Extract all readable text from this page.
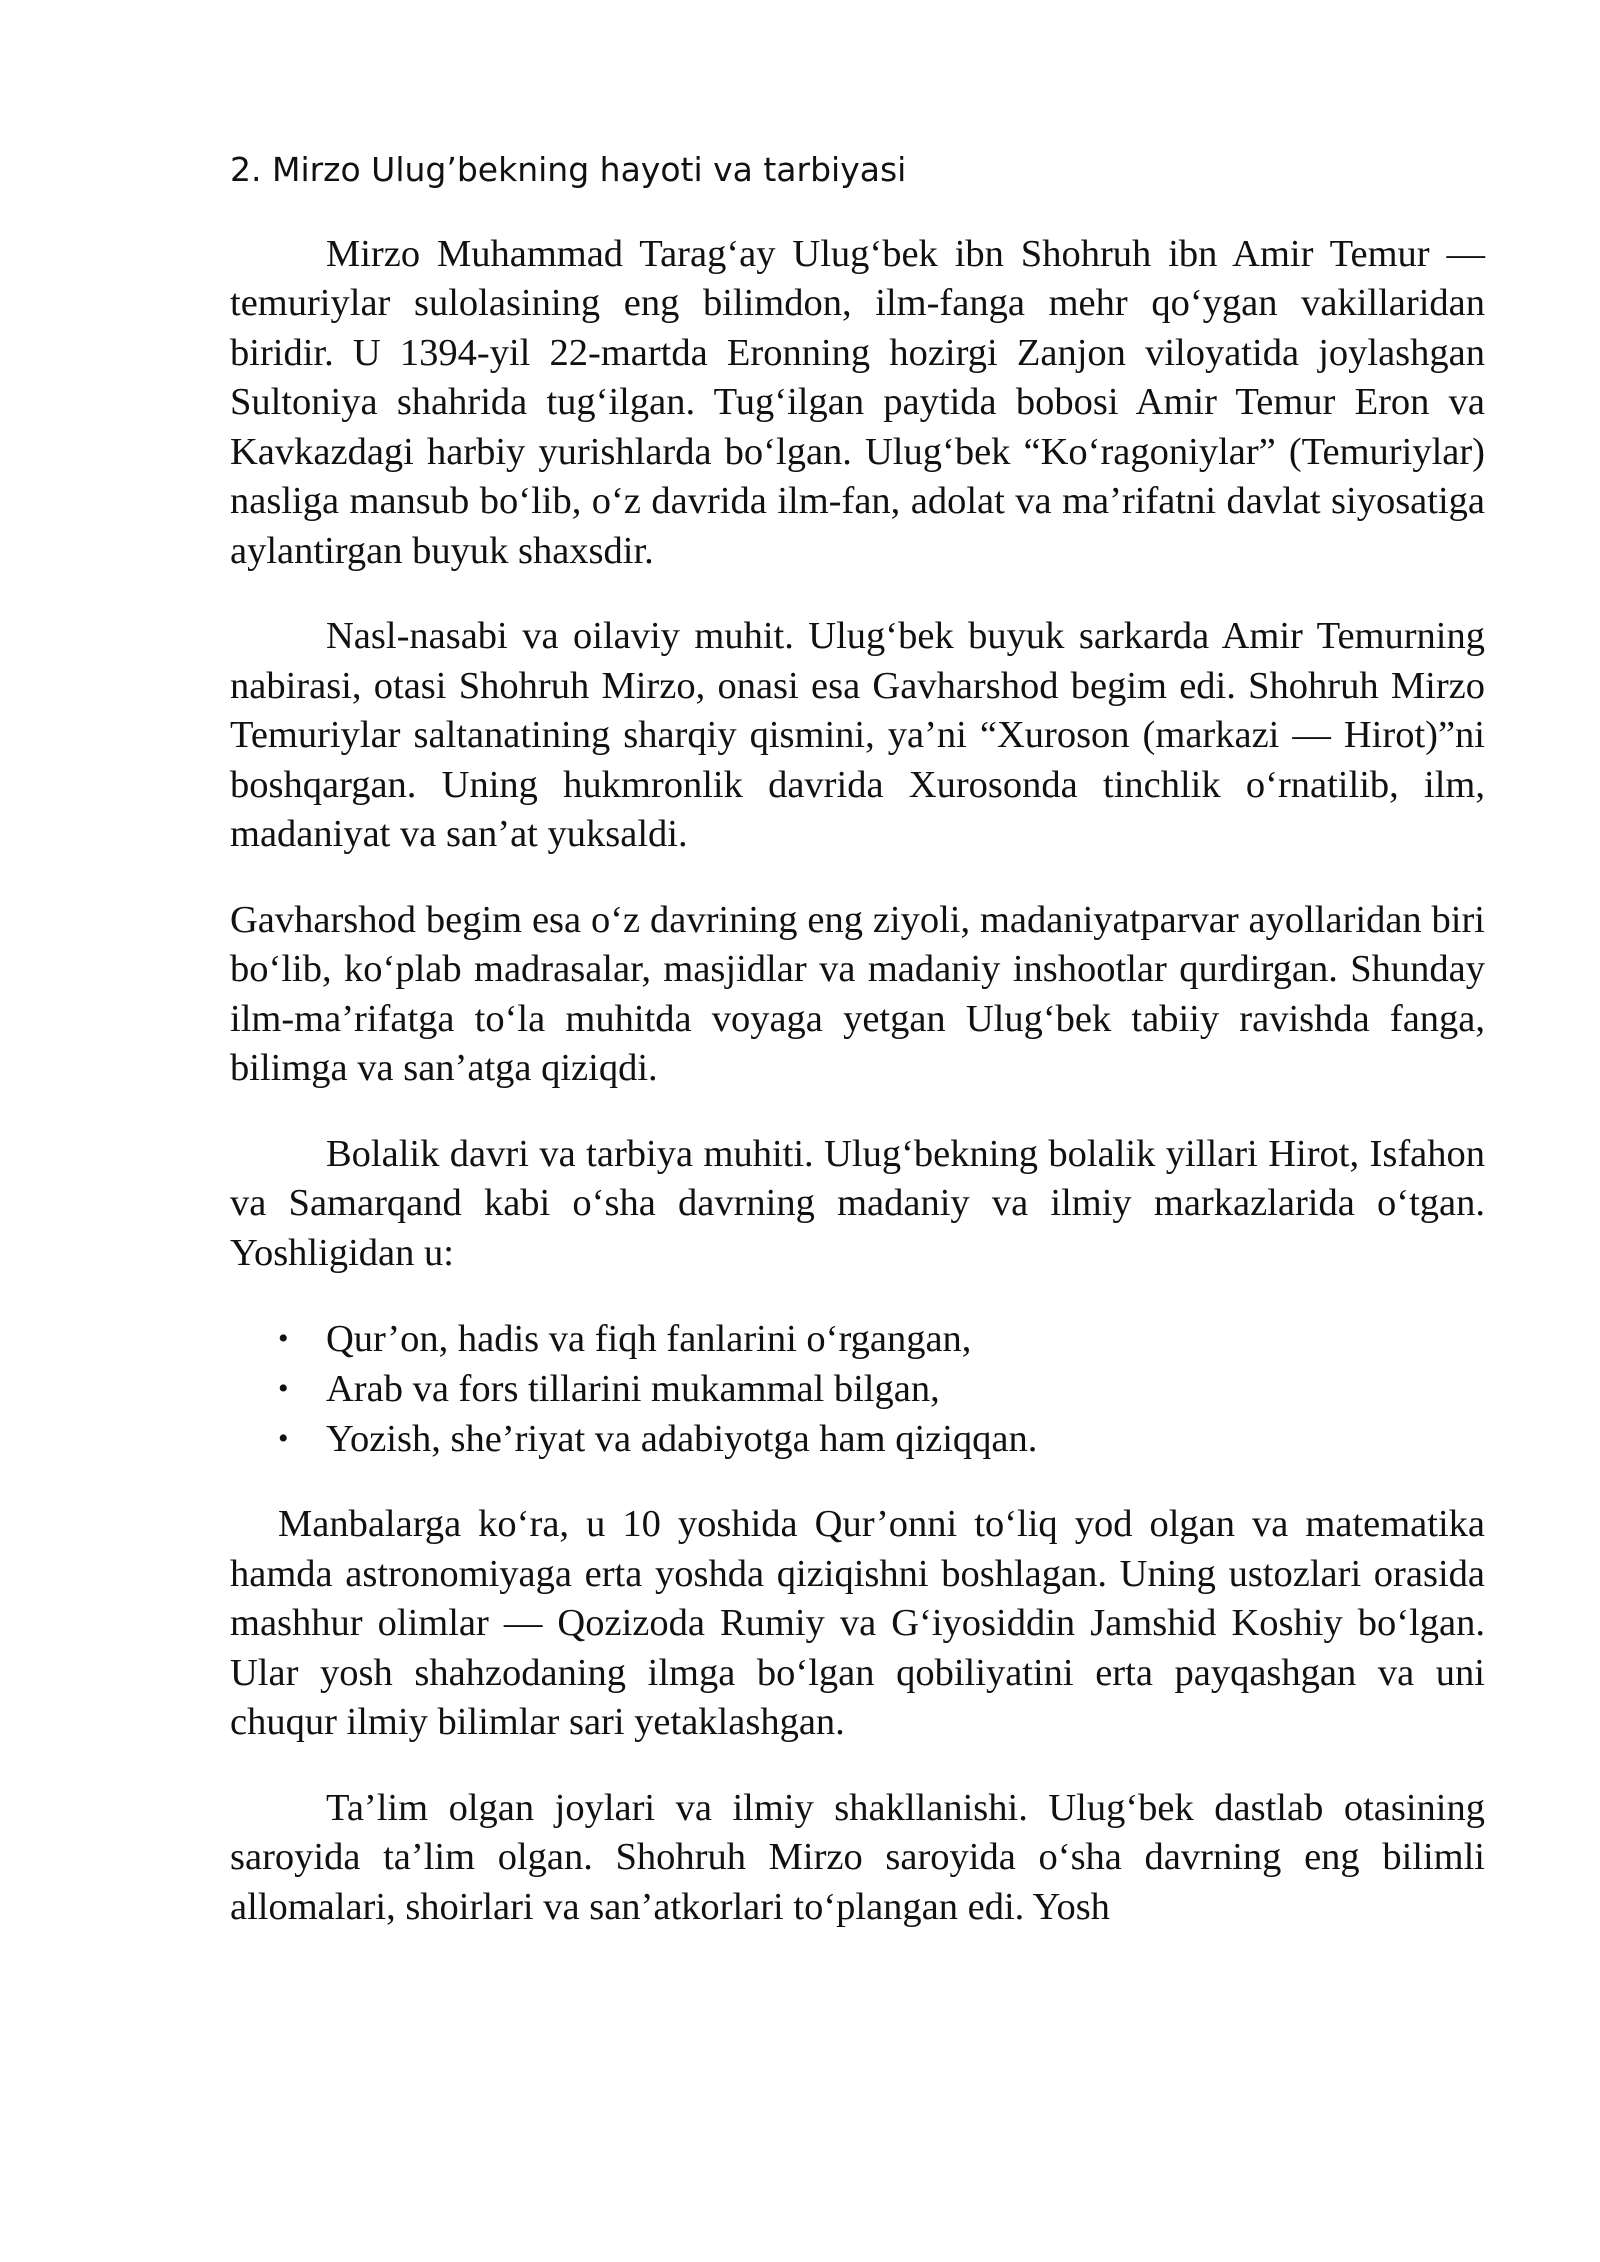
2. Mirzo Ulug’bekning hayoti va tarbiyasi

Mirzo Muhammad Tarag‘ay Ulug‘bek ibn Shohruh ibn Amir Temur — temuriylar sulolasining eng bilimdon, ilm-fanga mehr qo‘ygan vakillaridan biridir. U 1394-yil 22-martda Eronning hozirgi Zanjon viloyatida joylashgan Sultoniya shahrida tug‘ilgan. Tug‘ilgan paytida bobosi Amir Temur Eron va Kavkazdagi harbiy yurishlarda bo‘lgan. Ulug‘bek “Ko‘ragoniylar” (Temuriylar) nasliga mansub bo‘lib, o‘z davrida ilm-fan, adolat va ma’rifatni davlat siyosatiga aylantirgan buyuk shaxsdir.

Nasl-nasabi va oilaviy muhit. Ulug‘bek buyuk sarkarda Amir Temurning nabirasi, otasi Shohruh Mirzo, onasi esa Gavharshod begim edi. Shohruh Mirzo Temuriylar saltanatining sharqiy qismini, ya’ni “Xuroson (markazi — Hirot)”ni boshqargan. Uning hukmronlik davrida Xurosonda tinchlik o‘rnatilib, ilm, madaniyat va san’at yuksaldi.

Gavharshod begim esa o‘z davrining eng ziyoli, madaniyatparvar ayollaridan biri bo‘lib, ko‘plab madrasalar, masjidlar va madaniy inshootlar qurdirgan. Shunday ilm-ma’rifatga to‘la muhitda voyaga yetgan Ulug‘bek tabiiy ravishda fanga, bilimga va san’atga qiziqdi.

Bolalik davri va tarbiya muhiti. Ulug‘bekning bolalik yillari Hirot, Isfahon va Samarqand kabi o‘sha davrning madaniy va ilmiy markazlarida o‘tgan. Yoshligidan u:

• Qur’on, hadis va fiqh fanlarini o‘rgangan,
• Arab va fors tillarini mukammal bilgan,
• Yozish, she’riyat va adabiyotga ham qiziqqan.

Manbalarga ko‘ra, u 10 yoshida Qur’onni to‘liq yod olgan va matematika hamda astronomiyaga erta yoshda qiziqishni boshlagan. Uning ustozlari orasida mashhur olimlar — Qozizoda Rumiy va G‘iyosiddin Jamshid Koshiy bo‘lgan. Ular yosh shahzodaning ilmga bo‘lgan qobiliyatini erta payqashgan va uni chuqur ilmiy bilimlar sari yetaklashgan.

Ta’lim olgan joylari va ilmiy shakllanishi. Ulug‘bek dastlab otasining saroyida ta’lim olgan. Shohruh Mirzo saroyida o‘sha davrning eng bilimli allomalari, shoirlari va san’atkorlari to‘plangan edi. Yosh
